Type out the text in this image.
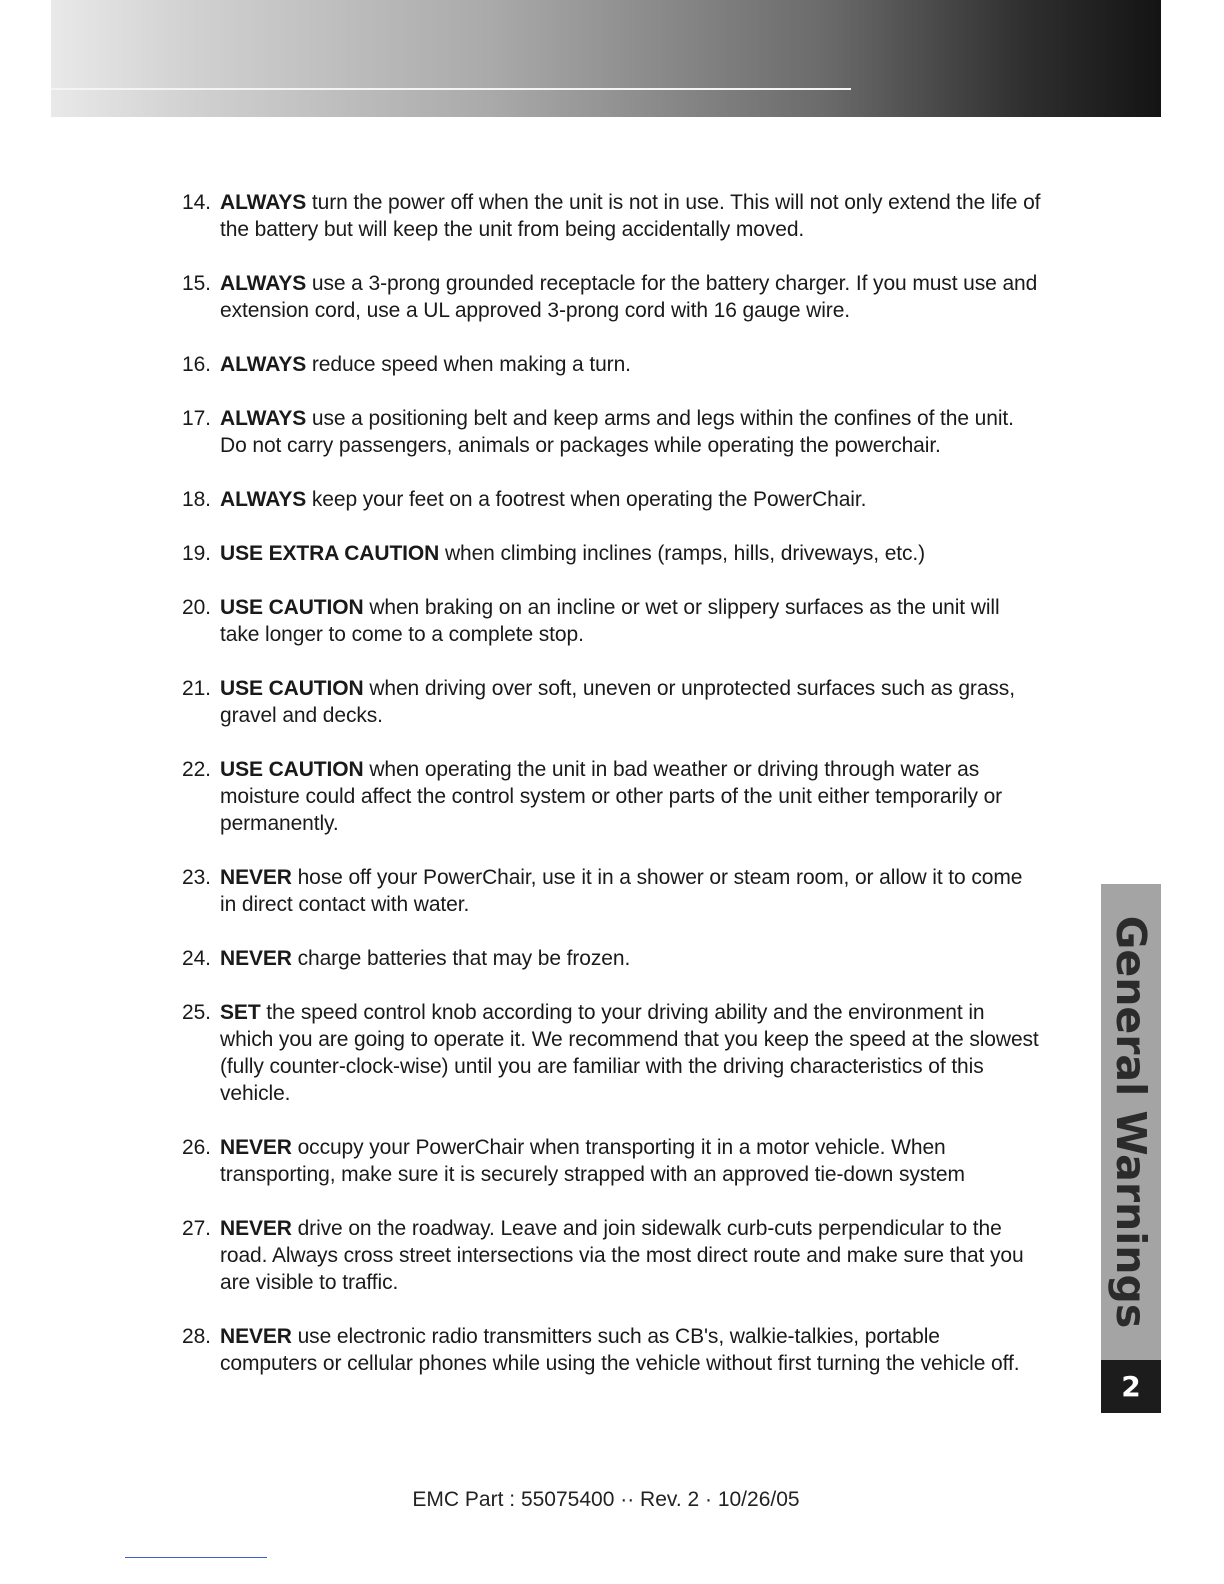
14. ALWAYS turn the power off when the unit is not in use. This will not only extend the life of the battery but will keep the unit from being accidentally moved.
15. ALWAYS use a 3-prong grounded receptacle for the battery charger. If you must use and extension cord, use a UL approved 3-prong cord with 16 gauge wire.
16. ALWAYS reduce speed when making a turn.
17. ALWAYS use a positioning belt and keep arms and legs within the confines of the unit. Do not carry passengers, animals or packages while operating the powerchair.
18. ALWAYS keep your feet on a footrest when operating the PowerChair.
19. USE EXTRA CAUTION when climbing inclines (ramps, hills, driveways, etc.)
20. USE CAUTION when braking on an incline or wet or slippery surfaces as the unit will take longer to come to a complete stop.
21. USE CAUTION when driving over soft, uneven or unprotected surfaces such as grass, gravel and decks.
22. USE CAUTION when operating the unit in bad weather or driving through water as moisture could affect the control system or other parts of the unit either temporarily or permanently.
23. NEVER hose off your PowerChair, use it in a shower or steam room, or allow it to come in direct contact with water.
24. NEVER charge batteries that may be frozen.
25. SET the speed control knob according to your driving ability and the environment in which you are going to operate it. We recommend that you keep the speed at the slowest (fully counter-clock-wise) until you are familiar with the driving characteristics of this vehicle.
26. NEVER occupy your PowerChair when transporting it in a motor vehicle. When transporting, make sure it is securely strapped with an approved tie-down system
27. NEVER drive on the roadway. Leave and join sidewalk curb-cuts perpendicular to the road. Always cross street intersections via the most direct route and make sure that you are visible to traffic.
28. NEVER use electronic radio transmitters such as CB's, walkie-talkies, portable computers or cellular phones while using the vehicle without first turning the vehicle off.
General Warnings
2
EMC Part : 55075400 ·· Rev. 2 · 10/26/05
